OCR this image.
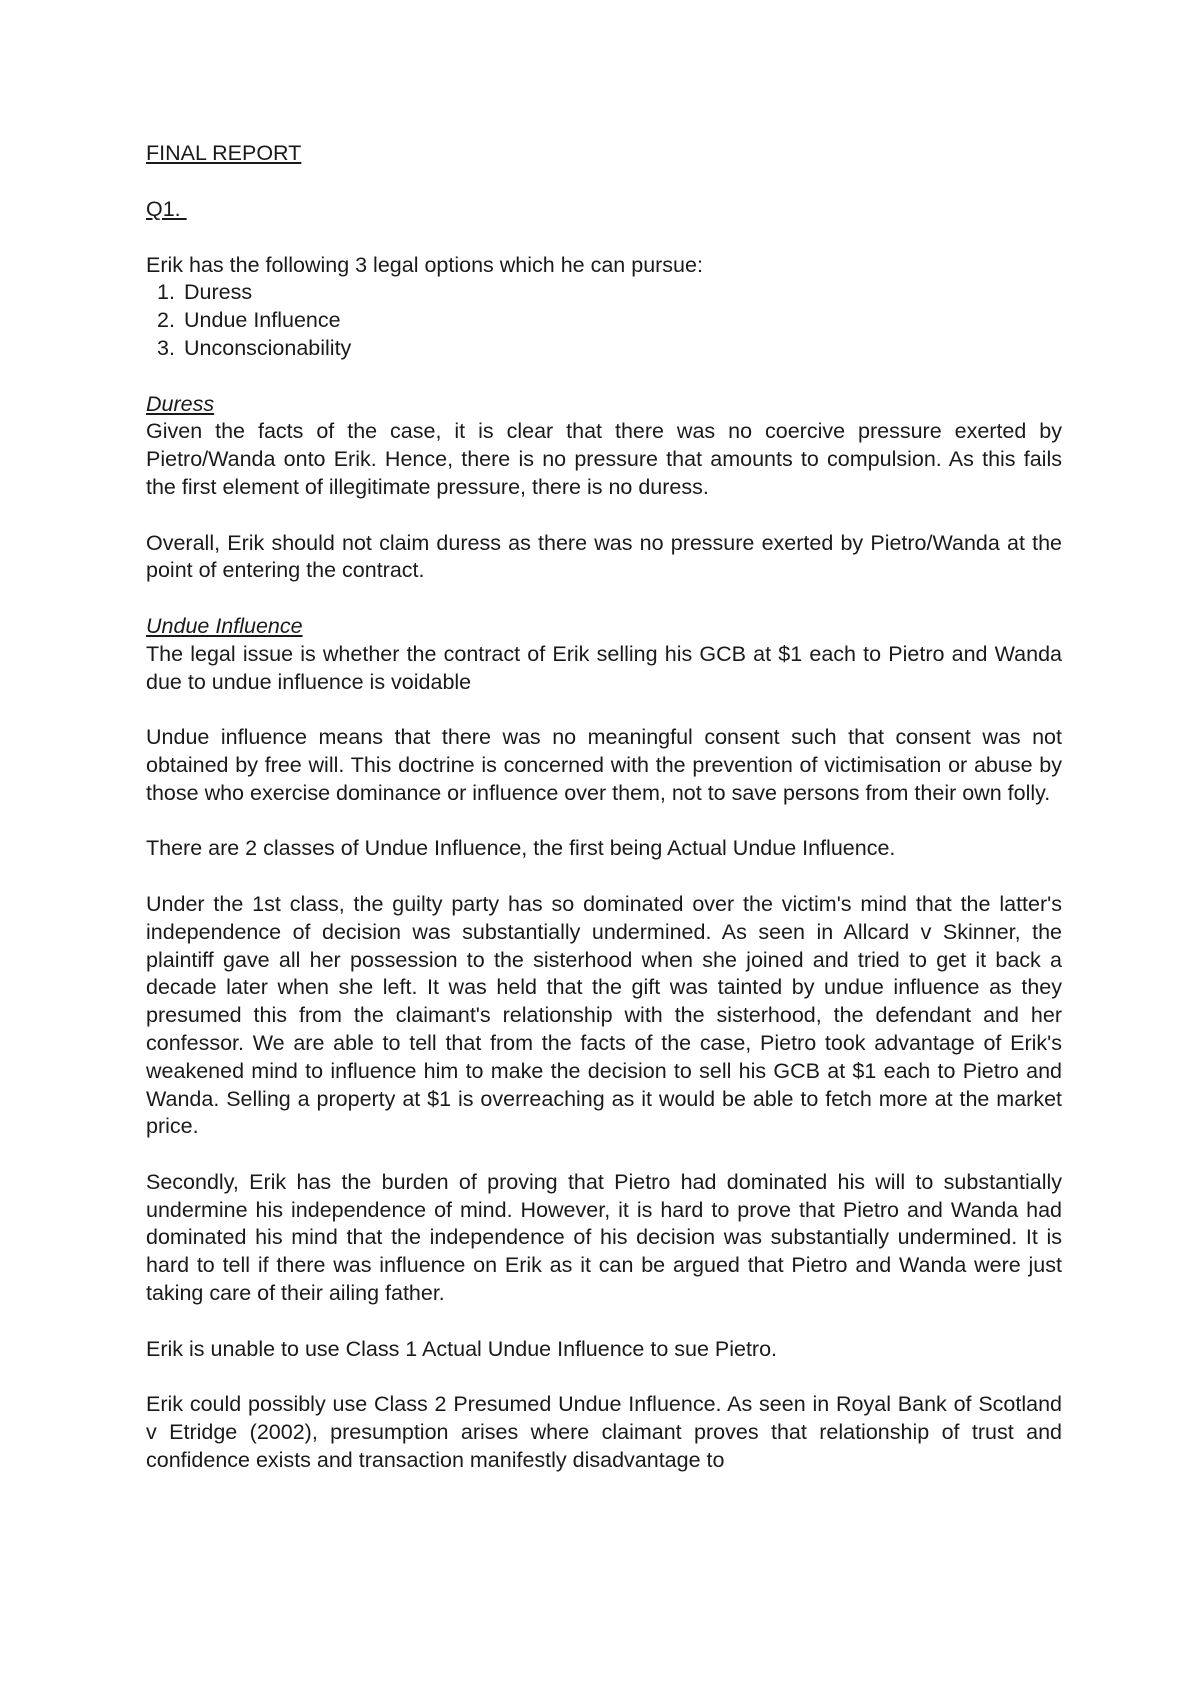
FINAL REPORT
Q1.

Erik has the following 3 legal options which he can pursue:

1. Duress
2. Undue Influence
3. Unconscionability
Duress

Given the facts of the case, it is clear that there was no coercive pressure exerted by Pietro/Wanda onto Erik. Hence, there is no pressure that amounts to compulsion. As this fails the first element of illegitimate pressure, there is no duress.

Overall, Erik should not claim duress as there was no pressure exerted by Pietro/Wanda at the point of entering the contract.

Undue Influence

The legal issue is whether the contract of Erik selling his GCB at $1 each to Pietro and Wanda due to undue influence is voidable

Undue influence means that there was no meaningful consent such that consent was not obtained by free will. This doctrine is concerned with the prevention of victimisation or abuse by those who exercise dominance or influence over them, not to save persons from their own folly.

There are 2 classes of Undue Influence, the first being Actual Undue Influence.

Under the 1st class, the guilty party has so dominated over the victim's mind that the latter's independence of decision was substantially undermined. As seen in Allcard v Skinner, the plaintiff gave all her possession to the sisterhood when she joined and tried to get it back a decade later when she left. It was held that the gift was tainted by undue influence as they presumed this from the claimant's relationship with the sisterhood, the defendant and her confessor. We are able to tell that from the facts of the case, Pietro took advantage of Erik's weakened mind to influence him to make the decision to sell his GCB at $1 each to Pietro and Wanda. Selling a property at $1 is overreaching as it would be able to fetch more at the market price.

Secondly, Erik has the burden of proving that Pietro had dominated his will to substantially undermine his independence of mind. However, it is hard to prove that Pietro and Wanda had dominated his mind that the independence of his decision was substantially undermined. It is hard to tell if there was influence on Erik as it can be argued that Pietro and Wanda were just taking care of their ailing father.

Erik is unable to use Class 1 Actual Undue Influence to sue Pietro.

Erik could possibly use Class 2 Presumed Undue Influence. As seen in Royal Bank of Scotland v Etridge (2002), presumption arises where claimant proves that relationship of trust and confidence exists and transaction manifestly disadvantage to
